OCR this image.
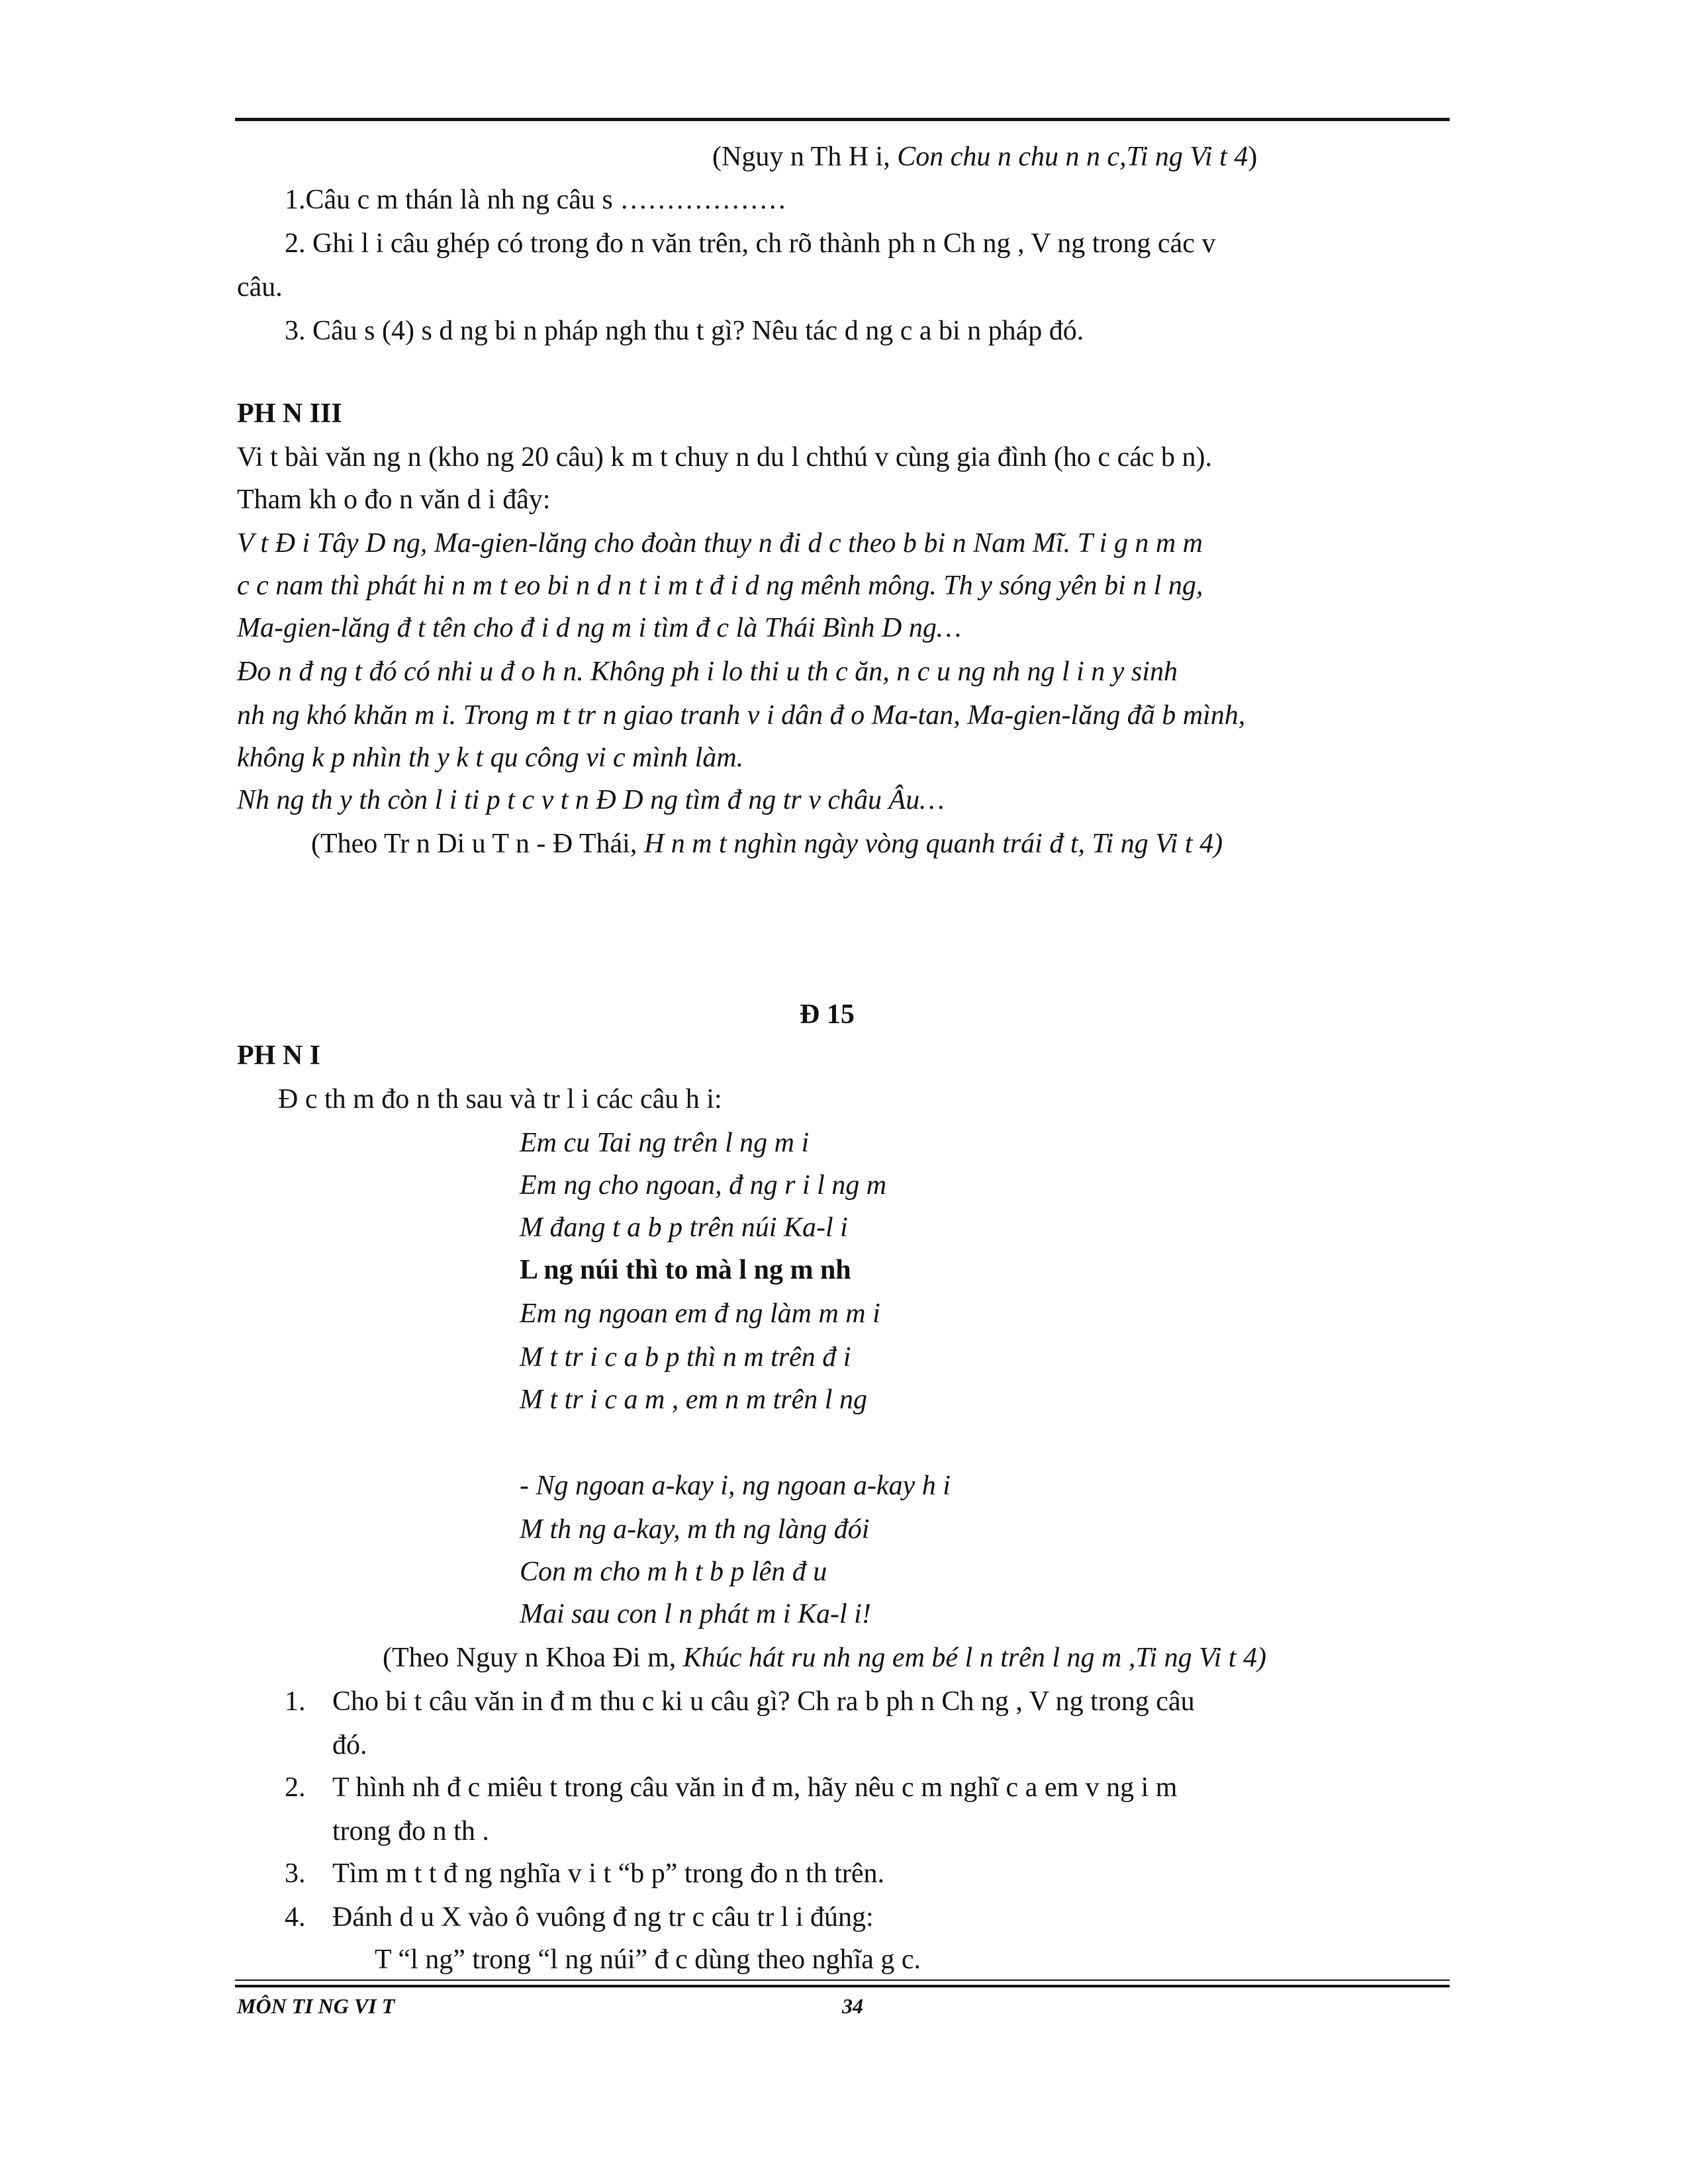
(Nguy n Th H i, Con chu n chu n n c,Ti ng Vi t 4)
1.Câu c m thán là nh ng câu s ………………
2. Ghi l i câu ghép có trong đo n văn trên, ch rõ thành ph n Ch ng , V ng trong các v
câu.
3. Câu s (4) s d ng bi n pháp ngh thu t gì? Nêu tác d ng c a bi n pháp đó.
PH N III
Vi t bài văn ng n (kho ng 20 câu) k m t chuy n du l chthú v cùng gia đình (ho c các b n).
Tham kh o đo n văn d i đây:
V t Đ i Tây D ng, Ma-gien-lăng cho đoàn thuy n đi d c theo b bi n Nam Mĩ. T i g n m m
c c nam thì phát hi n m t eo bi n d n t i m t đ i d ng mênh mông. Th y sóng yên bi n l ng,
Ma-gien-lăng đ t tên cho đ i d ng m i tìm đ c là Thái Bình D ng…
Đo n đ ng t đó có nhi u đ o h n. Không ph i lo thi u th c ăn, n c u ng nh ng l i n y sinh
nh ng khó khăn m i. Trong m t tr n giao tranh v i dân đ o Ma-tan, Ma-gien-lăng đã b mình,
không k p nhìn th y k t qu công vi c mình làm.
Nh ng th y th còn l i ti p t c v t n Đ D ng tìm đ ng tr v châu Âu…
(Theo Tr n Di u T n - Đ Thái, H n m t nghìn ngày vòng quanh trái đ t, Ti ng Vi t 4)
Đ 15
PH N I
Đ c th m đo n th sau và tr l i các câu h i:
Em cu Tai ng trên l ng m i
Em ng cho ngoan, đ ng r i l ng m
M đang t a b p trên núi Ka-l i
L ng núi thì to mà l ng m nh
Em ng ngoan em đ ng làm m m i
M t tr i c a b p thì n m trên đ i
M t tr i c a m , em n m trên l ng
- Ng ngoan a-kay i, ng ngoan a-kay h i
M th ng a-kay, m th ng làng đói
Con m cho m h t b p lên đ u
Mai sau con l n phát m i Ka-l i!
(Theo Nguy n Khoa Đi m, Khúc hát ru nh ng em bé l n trên l ng m ,Ti ng Vi t 4)
1. Cho bi t câu văn in đ m thu c ki u câu gì? Ch ra b ph n Ch ng , V ng trong câu
đó.
2. T hình nh đ c miêu t trong câu văn in đ m, hãy nêu c m nghĩ c a em v ng i m
trong đo n th .
3. Tìm m t t đ ng nghĩa v i t “b p” trong đo n th trên.
4. Đánh d u X vào ô vuông đ ng tr c câu tr l i đúng:
T “l ng” trong “l ng núi” đ c dùng theo nghĩa g c.
MÔN TI NG VI T	34
